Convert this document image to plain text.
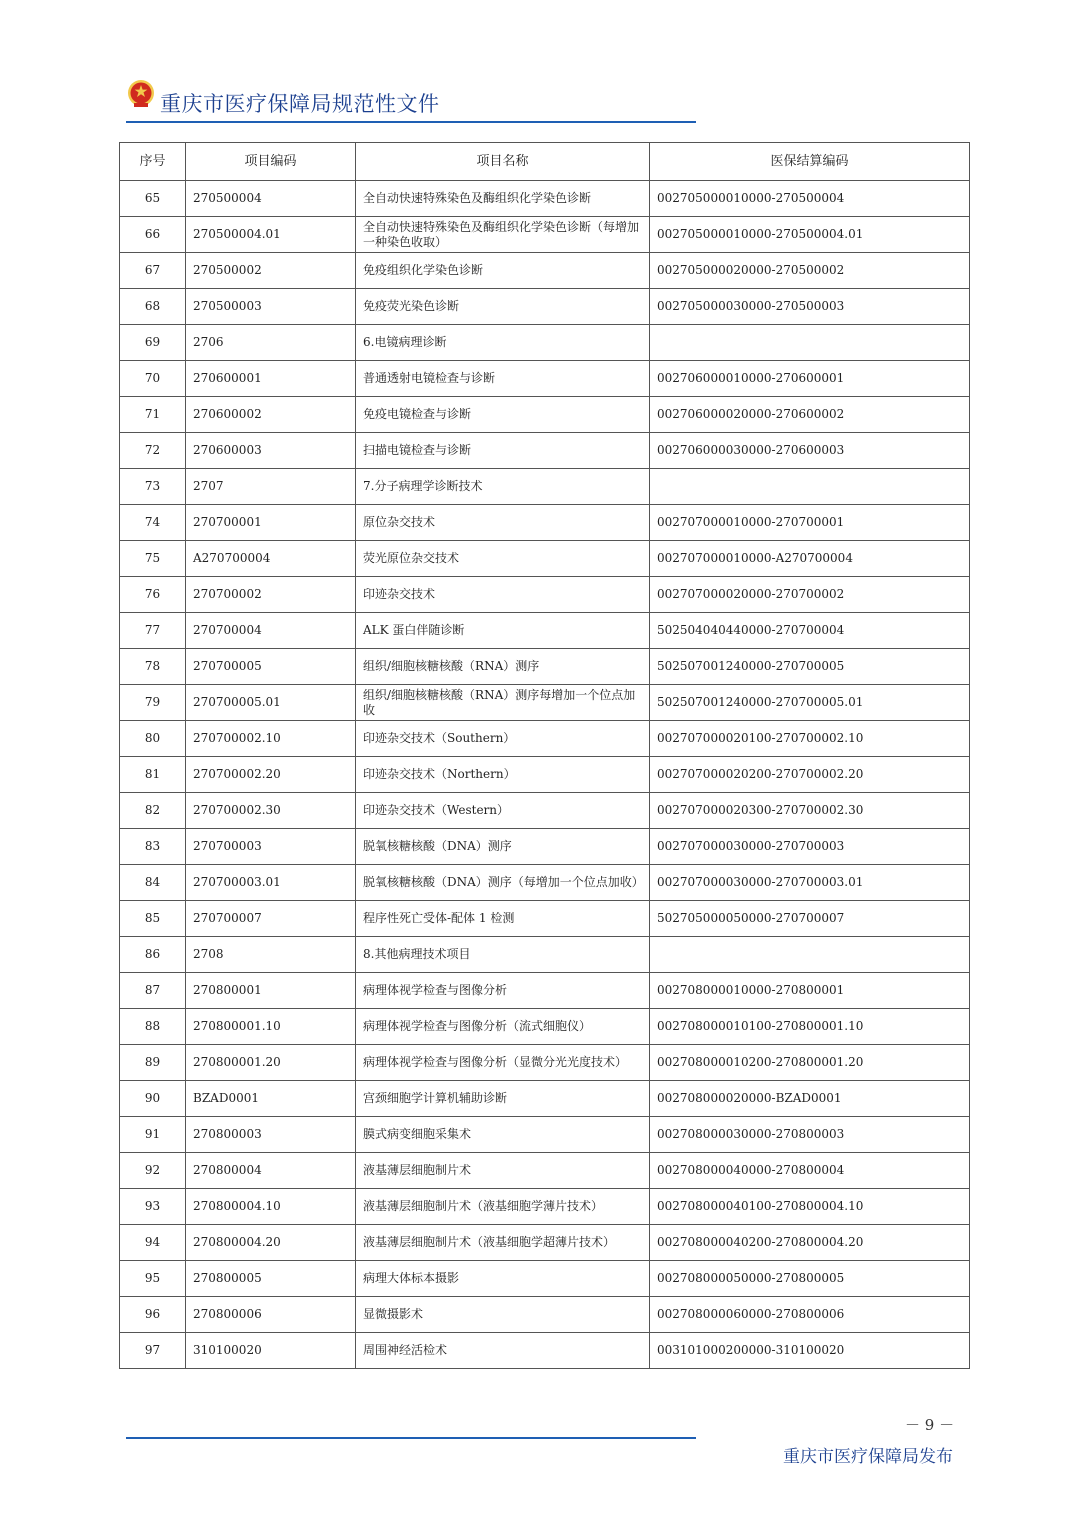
重庆市医疗保障局规范性文件
序号	项目编码	项目名称	医保结算编码
65	270500004	全自动快速特殊染色及酶组织化学染色诊断	002705000010000-270500004
66	270500004.01	全自动快速特殊染色及酶组织化学染色诊断（每增加一种染色收取）	002705000010000-270500004.01
67	270500002	免疫组织化学染色诊断	002705000020000-270500002
68	270500003	免疫荧光染色诊断	002705000030000-270500003
69	2706	6.电镜病理诊断	
70	270600001	普通透射电镜检查与诊断	002706000010000-270600001
71	270600002	免疫电镜检查与诊断	002706000020000-270600002
72	270600003	扫描电镜检查与诊断	002706000030000-270600003
73	2707	7.分子病理学诊断技术	
74	270700001	原位杂交技术	002707000010000-270700001
75	A270700004	荧光原位杂交技术	002707000010000-A270700004
76	270700002	印迹杂交技术	002707000020000-270700002
77	270700004	ALK 蛋白伴随诊断	502504040440000-270700004
78	270700005	组织/细胞核糖核酸（RNA）测序	502507001240000-270700005
79	270700005.01	组织/细胞核糖核酸（RNA）测序每增加一个位点加收	502507001240000-270700005.01
80	270700002.10	印迹杂交技术（Southern）	002707000020100-270700002.10
81	270700002.20	印迹杂交技术（Northern）	002707000020200-270700002.20
82	270700002.30	印迹杂交技术（Western）	002707000020300-270700002.30
83	270700003	脱氧核糖核酸（DNA）测序	002707000030000-270700003
84	270700003.01	脱氧核糖核酸（DNA）测序（每增加一个位点加收）	002707000030000-270700003.01
85	270700007	程序性死亡受体-配体 1 检测	502705000050000-270700007
86	2708	8.其他病理技术项目	
87	270800001	病理体视学检查与图像分析	002708000010000-270800001
88	270800001.10	病理体视学检查与图像分析（流式细胞仪）	002708000010100-270800001.10
89	270800001.20	病理体视学检查与图像分析（显微分光光度技术）	002708000010200-270800001.20
90	BZAD0001	宫颈细胞学计算机辅助诊断	002708000020000-BZAD0001
91	270800003	膜式病变细胞采集术	002708000030000-270800003
92	270800004	液基薄层细胞制片术	002708000040000-270800004
93	270800004.10	液基薄层细胞制片术（液基细胞学薄片技术）	002708000040100-270800004.10
94	270800004.20	液基薄层细胞制片术（液基细胞学超薄片技术）	002708000040200-270800004.20
95	270800005	病理大体标本摄影	002708000050000-270800005
96	270800006	显微摄影术	002708000060000-270800006
97	310100020	周围神经活检术	003101000200000-310100020
－ 9 －
重庆市医疗保障局发布
